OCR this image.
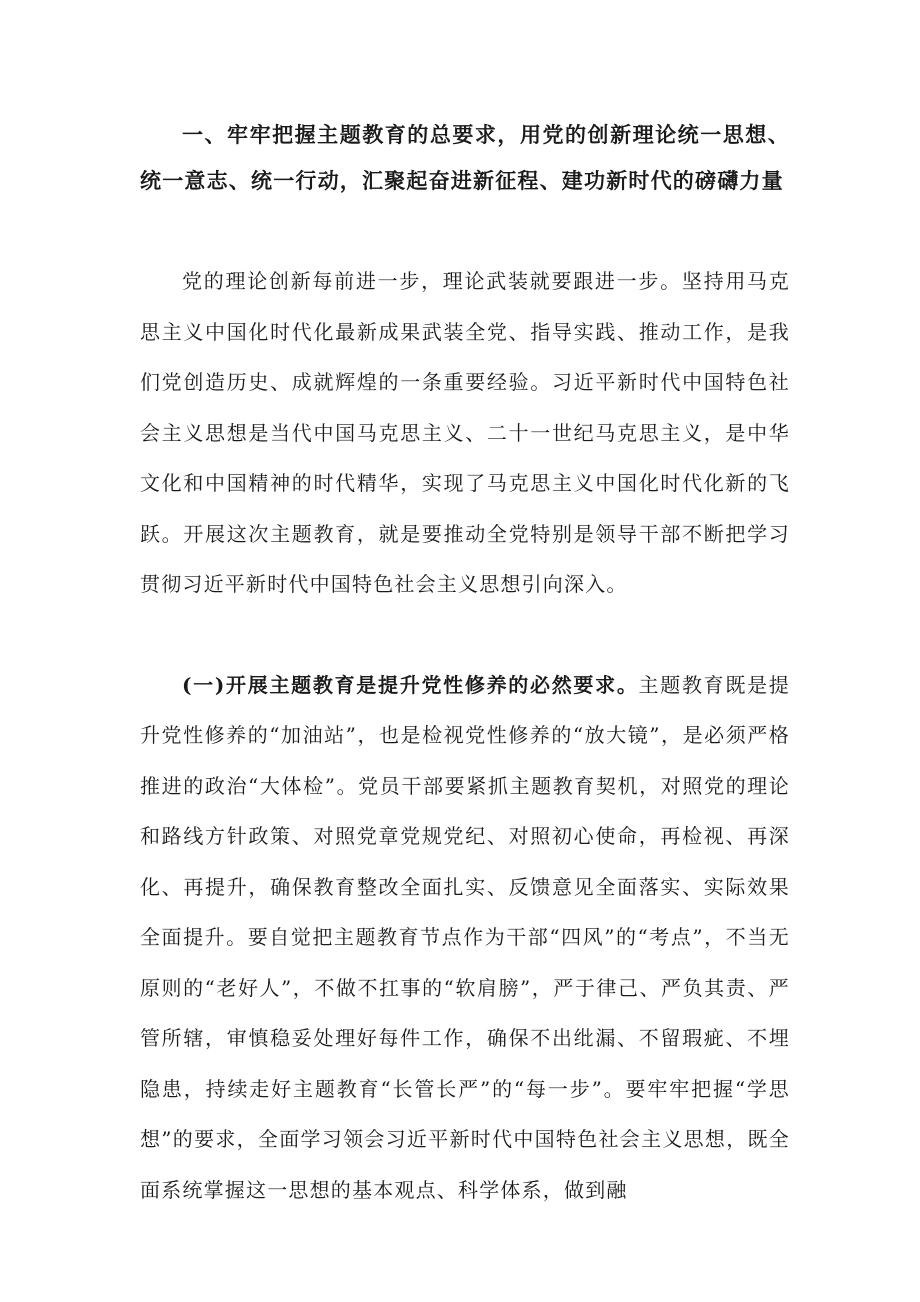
一、牢牢把握主题教育的总要求，用党的创新理论统一思想、统一意志、统一行动，汇聚起奋进新征程、建功新时代的磅礴力量

党的理论创新每前进一步，理论武装就要跟进一步。坚持用马克思主义中国化时代化最新成果武装全党、指导实践、推动工作，是我们党创造历史、成就辉煌的一条重要经验。习近平新时代中国特色社会主义思想是当代中国马克思主义、二十一世纪马克思主义，是中华文化和中国精神的时代精华，实现了马克思主义中国化时代化新的飞跃。开展这次主题教育，就是要推动全党特别是领导干部不断把学习贯彻习近平新时代中国特色社会主义思想引向深入。

(一)开展主题教育是提升党性修养的必然要求。主题教育既是提升党性修养的“加油站”，也是检视党性修养的“放大镜”，是必须严格推进的政治“大体检”。党员干部要紧抓主题教育契机，对照党的理论和路线方针政策、对照党章党规党纪、对照初心使命，再检视、再深化、再提升，确保教育整改全面扎实、反馈意见全面落实、实际效果全面提升。要自觉把主题教育节点作为干部“四风”的“考点”，不当无原则的“老好人”，不做不扛事的“软肩膀”，严于律己、严负其责、严管所辖，审慎稳妥处理好每件工作，确保不出纰漏、不留瑕疵、不埋隐患，持续走好主题教育“长管长严”的“每一步”。要牢牢把握“学思想”的要求，全面学习领会习近平新时代中国特色社会主义思想，既全面系统掌握这一思想的基本观点、科学体系，做到融
